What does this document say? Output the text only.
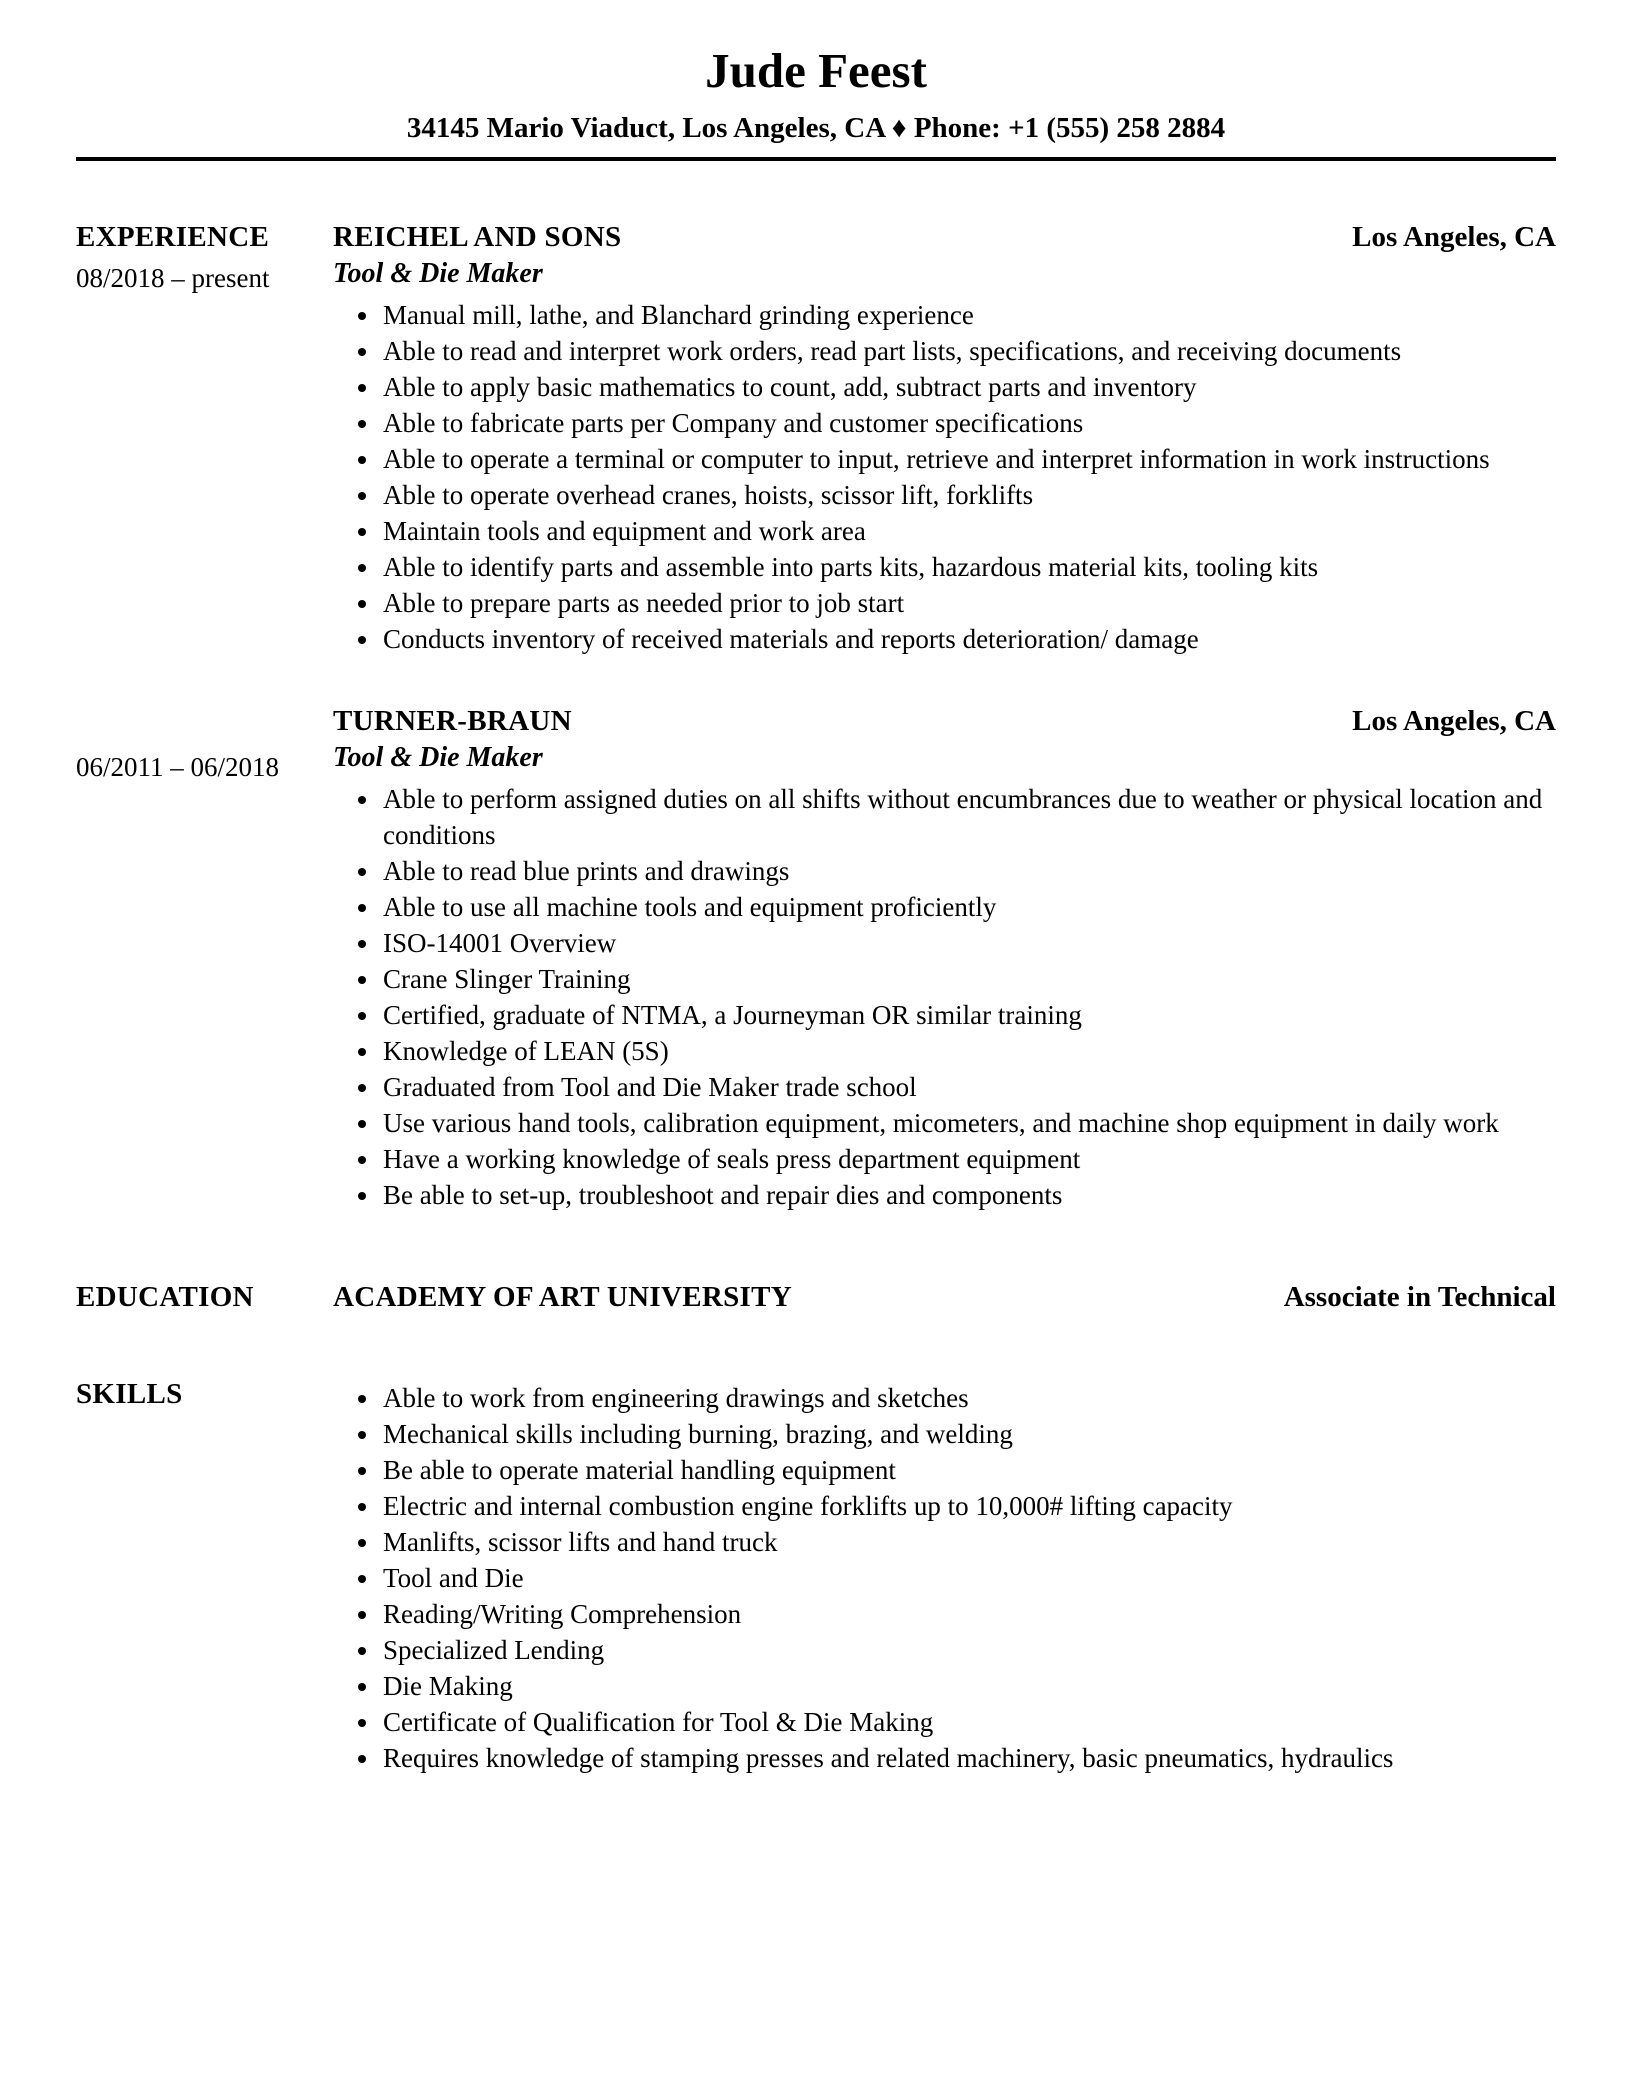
Jude Feest
34145 Mario Viaduct, Los Angeles, CA ♦ Phone: +1 (555) 258 2884
EXPERIENCE
08/2018 – present
REICHEL AND SONS	Los Angeles, CA
Tool & Die Maker
• Manual mill, lathe, and Blanchard grinding experience
• Able to read and interpret work orders, read part lists, specifications, and receiving documents
• Able to apply basic mathematics to count, add, subtract parts and inventory
• Able to fabricate parts per Company and customer specifications
• Able to operate a terminal or computer to input, retrieve and interpret information in work instructions
• Able to operate overhead cranes, hoists, scissor lift, forklifts
• Maintain tools and equipment and work area
• Able to identify parts and assemble into parts kits, hazardous material kits, tooling kits
• Able to prepare parts as needed prior to job start
• Conducts inventory of received materials and reports deterioration/ damage
06/2011 – 06/2018
TURNER-BRAUN	Los Angeles, CA
Tool & Die Maker
• Able to perform assigned duties on all shifts without encumbrances due to weather or physical location and conditions
• Able to read blue prints and drawings
• Able to use all machine tools and equipment proficiently
• ISO-14001 Overview
• Crane Slinger Training
• Certified, graduate of NTMA, a Journeyman OR similar training
• Knowledge of LEAN (5S)
• Graduated from Tool and Die Maker trade school
• Use various hand tools, calibration equipment, micometers, and machine shop equipment in daily work
• Have a working knowledge of seals press department equipment
• Be able to set-up, troubleshoot and repair dies and components
EDUCATION	ACADEMY OF ART UNIVERSITY	Associate in Technical
SKILLS	• Able to work from engineering drawings and sketches
• Mechanical skills including burning, brazing, and welding
• Be able to operate material handling equipment
• Electric and internal combustion engine forklifts up to 10,000# lifting capacity
• Manlifts, scissor lifts and hand truck
• Tool and Die
• Reading/Writing Comprehension
• Specialized Lending
• Die Making
• Certificate of Qualification for Tool & Die Making
• Requires knowledge of stamping presses and related machinery, basic pneumatics, hydraulics
